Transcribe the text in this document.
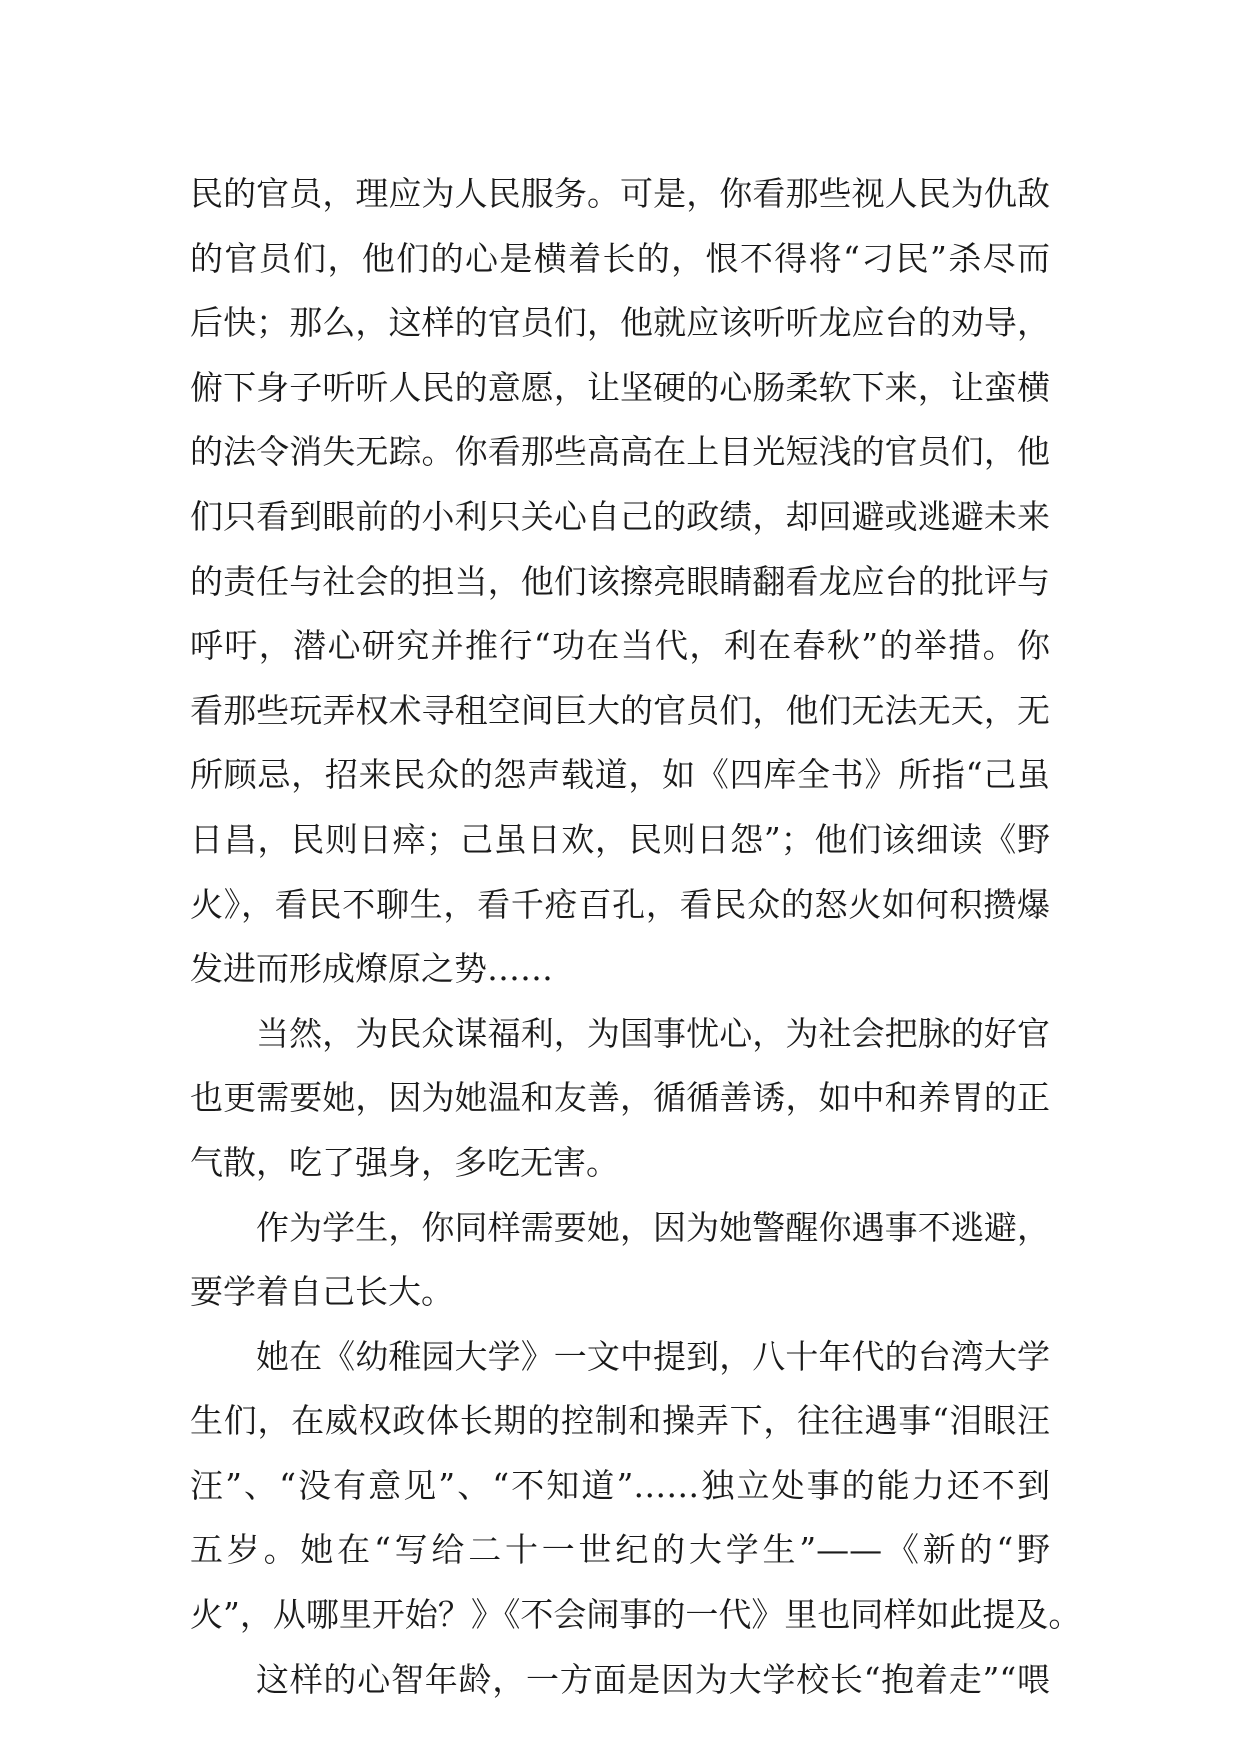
民的官员，理应为人民服务。可是，你看那些视人民为仇敌
的官员们，他们的心是横着长的，恨不得将“刁民”杀尽而
后快；那么，这样的官员们，他就应该听听龙应台的劝导，
俯下身子听听人民的意愿，让坚硬的心肠柔软下来，让蛮横
的法令消失无踪。你看那些高高在上目光短浅的官员们，他
们只看到眼前的小利只关心自己的政绩，却回避或逃避未来
的责任与社会的担当，他们该擦亮眼睛翻看龙应台的批评与
呼吁，潜心研究并推行“功在当代，利在春秋”的举措。你
看那些玩弄权术寻租空间巨大的官员们，他们无法无天，无
所顾忌，招来民众的怨声载道，如《四库全书》所指“己虽
日昌，民则日瘁；己虽日欢，民则日怨”；他们该细读《野
火》，看民不聊生，看千疮百孔，看民众的怒火如何积攒爆
发进而形成燎原之势……
当然，为民众谋福利，为国事忧心，为社会把脉的好官
也更需要她，因为她温和友善，循循善诱，如中和养胃的正
气散，吃了强身，多吃无害。
作为学生，你同样需要她，因为她警醒你遇事不逃避，
要学着自己长大。
她在《幼稚园大学》一文中提到，八十年代的台湾大学
生们，在威权政体长期的控制和操弄下，往往遇事“泪眼汪
汪”、“没有意见”、“不知道”……独立处事的能力还不到
五岁。她在“写给二十一世纪的大学生”——《新的“野
火”，从哪里开始？》《不会闹事的一代》里也同样如此提及。
这样的心智年龄，一方面是因为大学校长“抱着走”“喂
